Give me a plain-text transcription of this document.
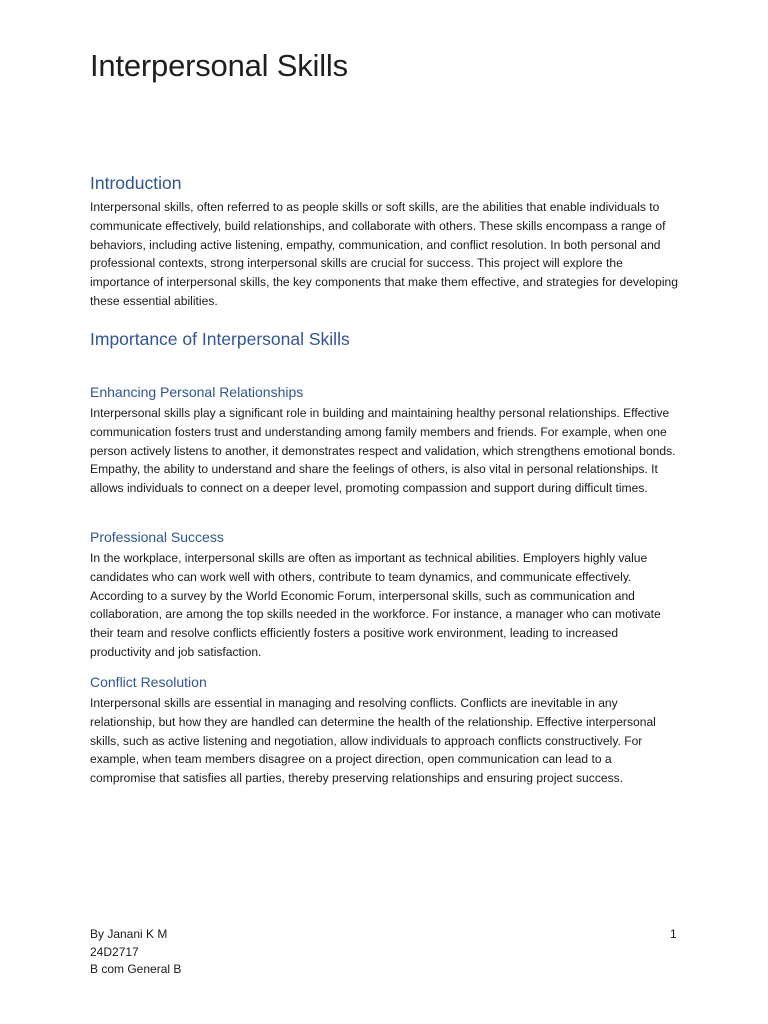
Interpersonal Skills
Introduction

Interpersonal skills, often referred to as people skills or soft skills, are the abilities that enable individuals to communicate effectively, build relationships, and collaborate with others. These skills encompass a range of behaviors, including active listening, empathy, communication, and conflict resolution. In both personal and professional contexts, strong interpersonal skills are crucial for success. This project will explore the importance of interpersonal skills, the key components that make them effective, and strategies for developing these essential abilities.

Importance of Interpersonal Skills
Enhancing Personal Relationships

Interpersonal skills play a significant role in building and maintaining healthy personal relationships. Effective communication fosters trust and understanding among family members and friends. For example, when one person actively listens to another, it demonstrates respect and validation, which strengthens emotional bonds. Empathy, the ability to understand and share the feelings of others, is also vital in personal relationships. It allows individuals to connect on a deeper level, promoting compassion and support during difficult times.

Professional Success

In the workplace, interpersonal skills are often as important as technical abilities. Employers highly value candidates who can work well with others, contribute to team dynamics, and communicate effectively. According to a survey by the World Economic Forum, interpersonal skills, such as communication and collaboration, are among the top skills needed in the workforce. For instance, a manager who can motivate their team and resolve conflicts efficiently fosters a positive work environment, leading to increased productivity and job satisfaction.

Conflict Resolution

Interpersonal skills are essential in managing and resolving conflicts. Conflicts are inevitable in any relationship, but how they are handled can determine the health of the relationship. Effective interpersonal skills, such as active listening and negotiation, allow individuals to approach conflicts constructively. For example, when team members disagree on a project direction, open communication can lead to a compromise that satisfies all parties, thereby preserving relationships and ensuring project success.

By Janani K M
24D2717
B com General B
1
